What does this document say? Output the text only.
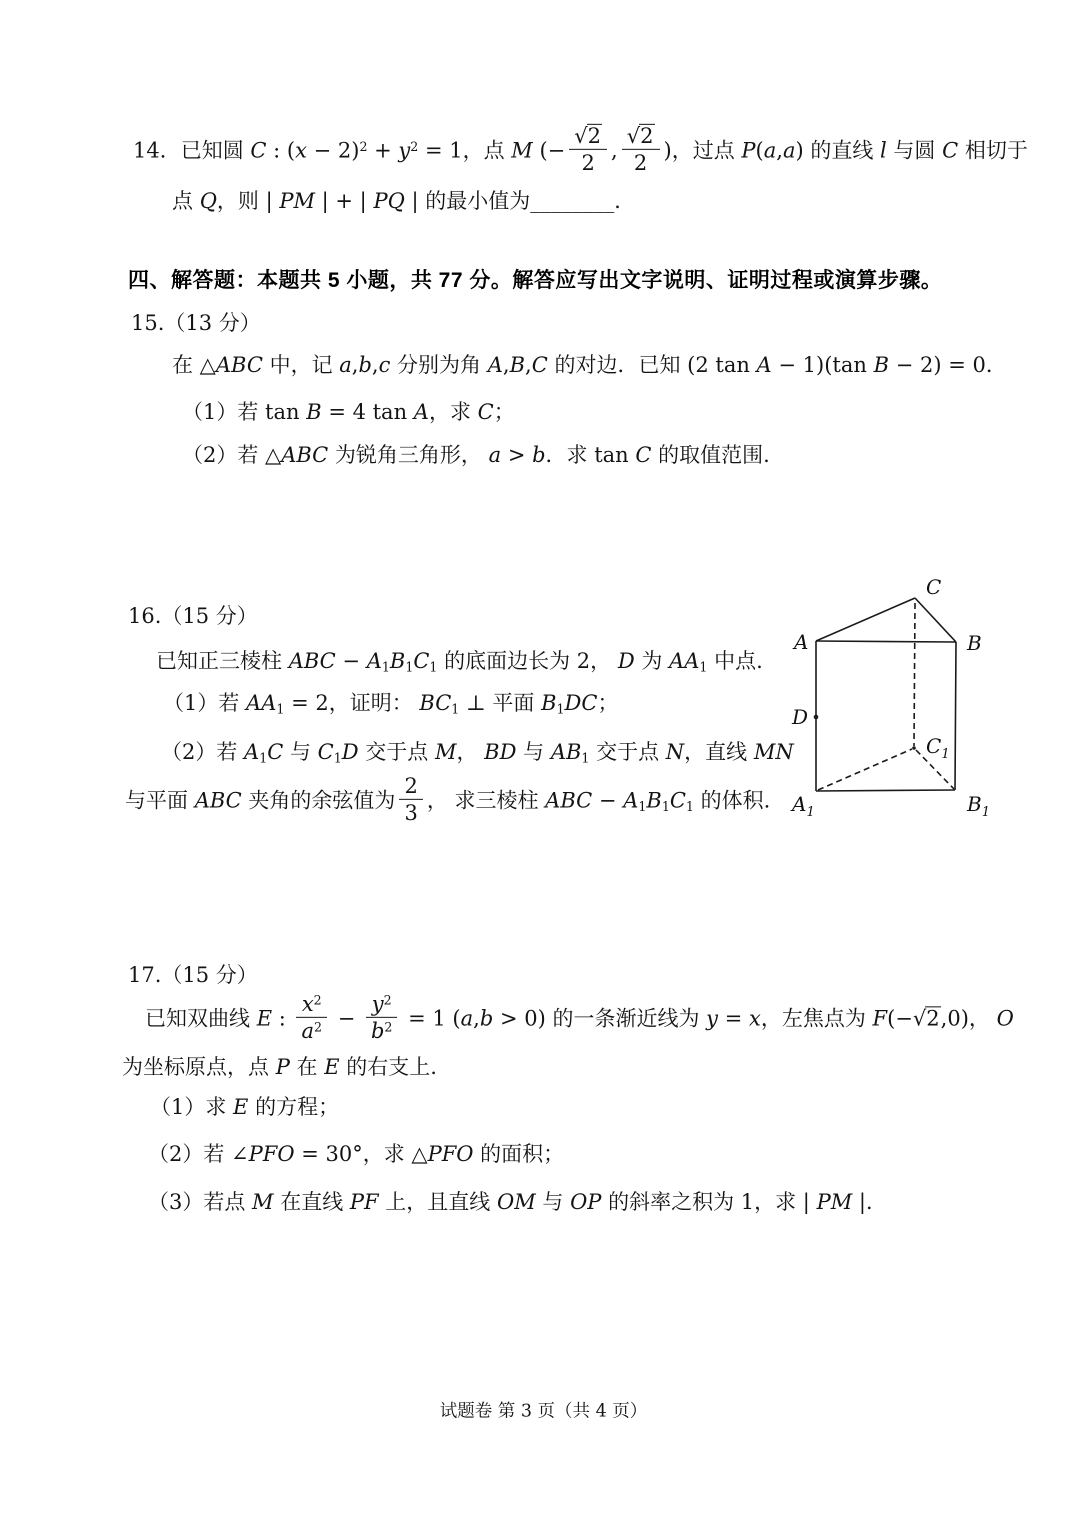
14．已知圆 C : $(x - 2)^2 + y^2 = 1$，点 M (− $\frac{√2}{2}$ , $\frac{√2}{2}$ )，过点 P(a,a) 的直线 l 与圆 C 相切于
点 Q，则 | PM | + | PQ | 的最小值为________．
四、解答题：本题共 5 小题，共 77 分。解答应写出文字说明、证明过程或演算步骤。
15.（13 分）
在 △ABC 中，记 a,b,c 分别为角 A,B,C 的对边．已知 (2 tan A − 1)(tan B − 2) = 0．
（1）若 tan B = 4 tan A，求 C；
（2）若 △ABC 为锐角三角形， a > b．求 tan C 的取值范围.
16.（15 分）
已知正三棱柱 ABC − A1B1C1 的底面边长为 2， D 为 AA1 中点.
（1）若 AA1 = 2，证明： BC1 ⊥ 平面 B1DC；
（2）若 A1C 与 C1D 交于点 M， BD 与 AB1 交于点 N，直线 MN
与平面 ABC 夹角的余弦值为 $\frac{2}{3}$ ， 求三棱柱 ABC − A1B1C1 的体积.
C
A	B
D
$C_1$
$A_1$	$B_1$
17.（15 分）
已知双曲线 E : $\frac{x^2}{a^2} - \frac{y^2}{b^2} = 1$ (a,b > 0) 的一条渐近线为 y = x，左焦点为 F(−√2,0)， O
为坐标原点，点 P 在 E 的右支上.
（1）求 E 的方程；
（2）若 ∠PFO = 30°，求 △PFO 的面积；
（3）若点 M 在直线 PF 上，且直线 OM 与 OP 的斜率之积为 1，求 | PM |．
试题卷 第 3 页（共 4 页）
